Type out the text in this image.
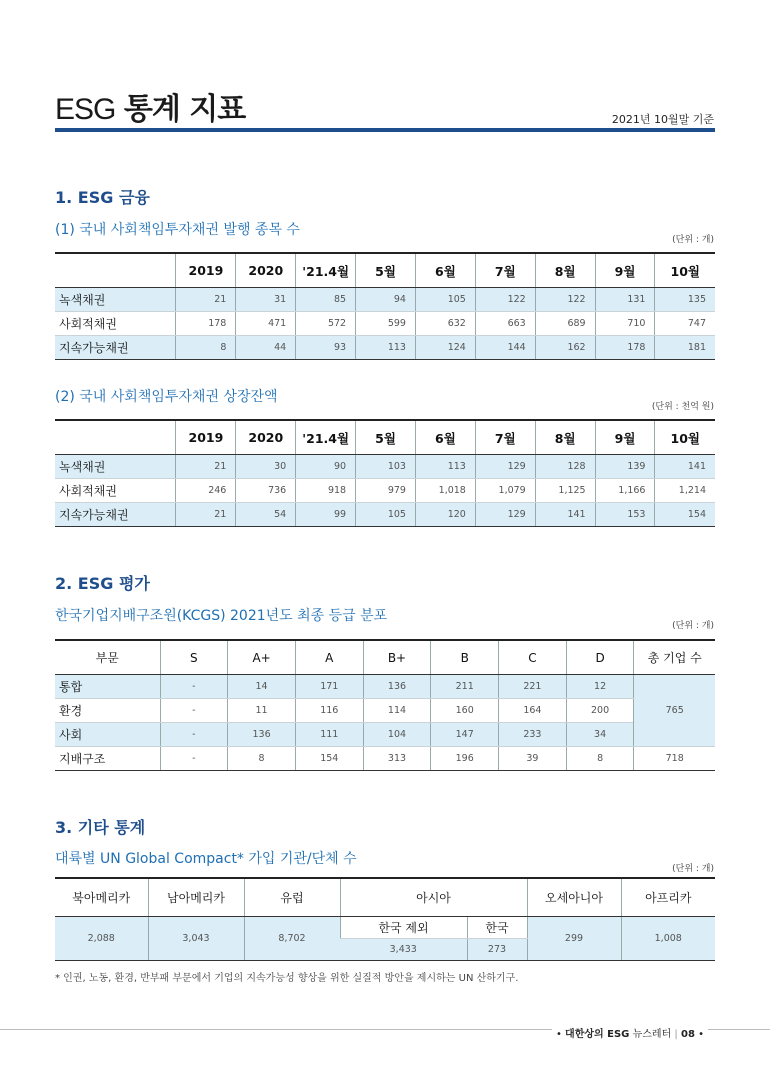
ESG 통계 지표	2021년 10월말 기준
1. ESG 금융
(1) 국내 사회책임투자채권 발행 종목 수
(단위 : 개)
	2019	2020	'21.4월	5월	6월	7월	8월	9월	10월
녹색채권	21	31	85	94	105	122	122	131	135
사회적채권	178	471	572	599	632	663	689	710	747
지속가능채권	8	44	93	113	124	144	162	178	181
(2) 국내 사회책임투자채권 상장잔액
(단위 : 천억 원)
	2019	2020	'21.4월	5월	6월	7월	8월	9월	10월
녹색채권	21	30	90	103	113	129	128	139	141
사회적채권	246	736	918	979	1,018	1,079	1,125	1,166	1,214
지속가능채권	21	54	99	105	120	129	141	153	154
2. ESG 평가
한국기업지배구조원(KCGS) 2021년도 최종 등급 분포
(단위 : 개)
부문	S	A+	A	B+	B	C	D	총 기업 수
통합	-	14	171	136	211	221	12	765
환경	-	11	116	114	160	164	200	
사회	-	136	111	104	147	233	34	
지배구조	-	8	154	313	196	39	8	718
3. 기타 통계
대륙별 UN Global Compact* 가입 기관/단체 수
(단위 : 개)
북아메리카	남아메리카	유럽	아시아		오세아니아	아프리카
2,088	3,043	8,702	한국 제외	한국	299	1,008
			3,433	273		
* 인권, 노동, 환경, 반부패 부문에서 기업의 지속가능성 향상을 위한 실질적 방안을 제시하는 UN 산하기구.
• 대한상의 ESG 뉴스레터 | 08 •
